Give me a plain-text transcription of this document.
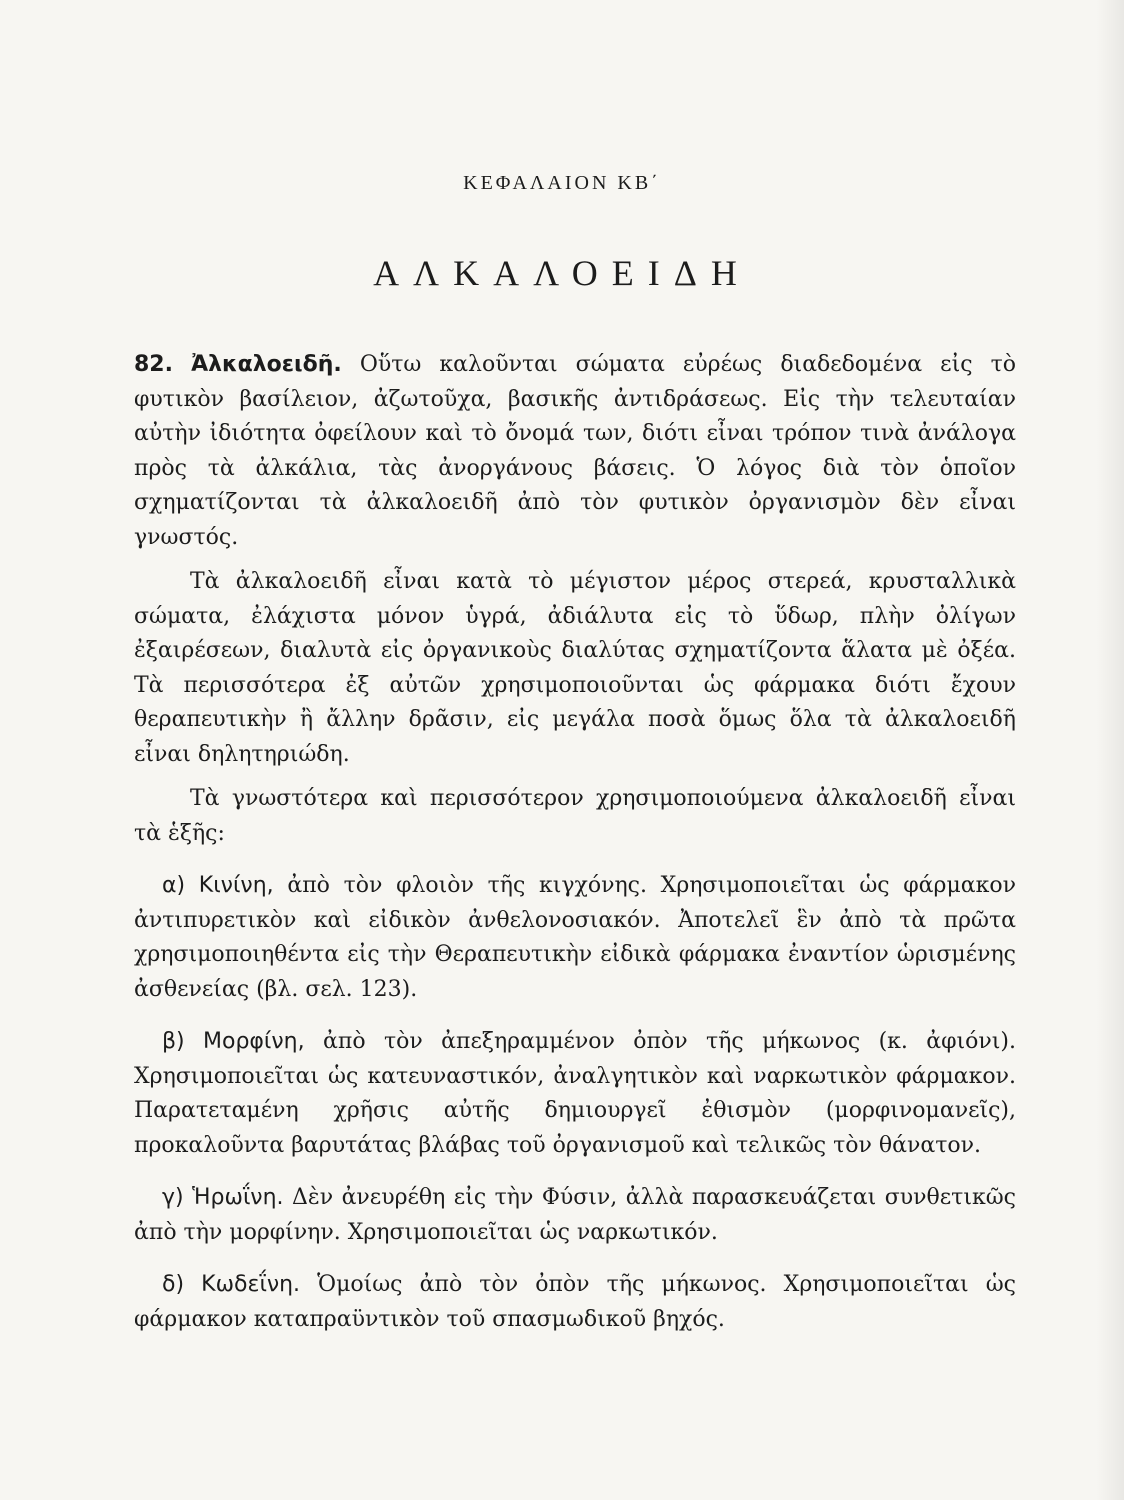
ΚΕΦΑΛΑΙΟΝ ΚΒ΄
ΑΛΚΑΛΟΕΙΔΗ

82. Ἀλκαλοειδῆ. Οὕτω καλοῦνται σώματα εὐρέως διαδεδομένα εἰς τὸ φυτικὸν βασίλειον, ἀζωτοῦχα, βασικῆς ἀντιδράσεως. Εἰς τὴν τελευταίαν αὐτὴν ἰδιότητα ὀφείλουν καὶ τὸ ὄνομά των, διότι εἶναι τρόπον τινὰ ἀνάλογα πρὸς τὰ ἀλκάλια, τὰς ἀνοργάνους βάσεις. Ὁ λόγος διὰ τὸν ὁποῖον σχηματίζονται τὰ ἀλκαλοειδῆ ἀπὸ τὸν φυτικὸν ὀργανισμὸν δὲν εἶναι γνωστός.

Τὰ ἀλκαλοειδῆ εἶναι κατὰ τὸ μέγιστον μέρος στερεά, κρυσταλλικὰ σώματα, ἐλάχιστα μόνον ὑγρά, ἀδιάλυτα εἰς τὸ ὕδωρ, πλὴν ὀλίγων ἐξαιρέσεων, διαλυτὰ εἰς ὀργανικοὺς διαλύτας σχηματίζοντα ἅλατα μὲ ὀξέα. Τὰ περισσότερα ἐξ αὐτῶν χρησιμοποιοῦνται ὡς φάρμακα διότι ἔχουν θεραπευτικὴν ἢ ἄλλην δρᾶσιν, εἰς μεγάλα ποσὰ ὅμως ὅλα τὰ ἀλκαλοειδῆ εἶναι δηλητηριώδη.

Τὰ γνωστότερα καὶ περισσότερον χρησιμοποιούμενα ἀλκαλοειδῆ εἶναι τὰ ἑξῆς:

α) Κινίνη, ἀπὸ τὸν φλοιὸν τῆς κιγχόνης. Χρησιμοποιεῖται ὡς φάρμακον ἀντιπυρετικὸν καὶ εἰδικὸν ἀνθελονοσιακόν. Ἀποτελεῖ ἓν ἀπὸ τὰ πρῶτα χρησιμοποιηθέντα εἰς τὴν Θεραπευτικὴν εἰδικὰ φάρμακα ἐναντίον ὡρισμένης ἀσθενείας (βλ. σελ. 123).

β) Μορφίνη, ἀπὸ τὸν ἀπεξηραμμένον ὀπὸν τῆς μήκωνος (κ. ἀφιόνι). Χρησιμοποιεῖται ὡς κατευναστικόν, ἀναλγητικὸν καὶ ναρκωτικὸν φάρμακον. Παρατεταμένη χρῆσις αὐτῆς δημιουργεῖ ἐθισμὸν (μορφινομανεῖς), προκαλοῦντα βαρυτάτας βλάβας τοῦ ὀργανισμοῦ καὶ τελικῶς τὸν θάνατον.

γ) Ἡρωΐνη. Δὲν ἀνευρέθη εἰς τὴν Φύσιν, ἀλλὰ παρασκευάζεται συνθετικῶς ἀπὸ τὴν μορφίνην. Χρησιμοποιεῖται ὡς ναρκωτικόν.

δ) Κωδεΐνη. Ὁμοίως ἀπὸ τὸν ὀπὸν τῆς μήκωνος. Χρησιμοποιεῖται ὡς φάρμακον καταπραϋντικὸν τοῦ σπασμωδικοῦ βηχός.
